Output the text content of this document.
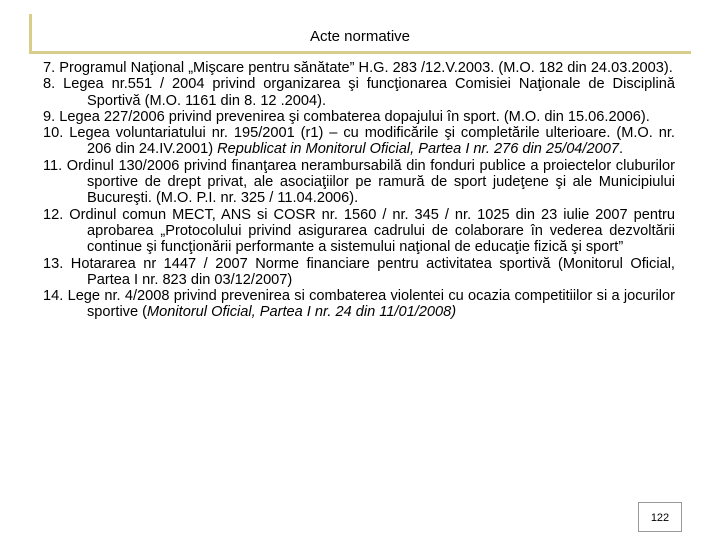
Acte normative

7. Programul Naţional „Mişcare pentru sănătate” H.G. 283 /12.V.2003. (M.O. 182 din 24.03.2003).

8. Legea nr.551 / 2004 privind organizarea şi funcţionarea Comisiei Naţionale de Disciplină Sportivă (M.O. 1161 din 8. 12 .2004).

9. Legea 227/2006 privind prevenirea şi combaterea dopajului în sport. (M.O. din 15.06.2006).

10. Legea voluntariatului nr. 195/2001 (r1) – cu modificările şi completările ulterioare. (M.O. nr. 206 din 24.IV.2001) Republicat in Monitorul Oficial, Partea I nr. 276 din 25/04/2007.

11. Ordinul 130/2006 privind finanţarea nerambursabilă din fonduri publice a proiectelor cluburilor sportive de drept privat, ale asociaţiilor pe ramură de sport judeţene şi ale Municipiului Bucureşti. (M.O. P.I. nr. 325 / 11.04.2006).

12. Ordinul comun MECT, ANS si COSR nr. 1560 / nr. 345 / nr. 1025 din 23 iulie 2007 pentru aprobarea „Protocolului privind asigurarea cadrului de colaborare în vederea dezvoltării continue şi funcţionării performante a sistemului naţional de educaţie fizică şi sport”

13. Hotararea nr 1447 / 2007 Norme financiare pentru activitatea sportivă (Monitorul Oficial, Partea I nr. 823 din 03/12/2007)

14. Lege nr. 4/2008 privind prevenirea si combaterea violentei cu ocazia competitiilor si a jocurilor sportive (Monitorul Oficial, Partea I nr. 24 din 11/01/2008)

122
